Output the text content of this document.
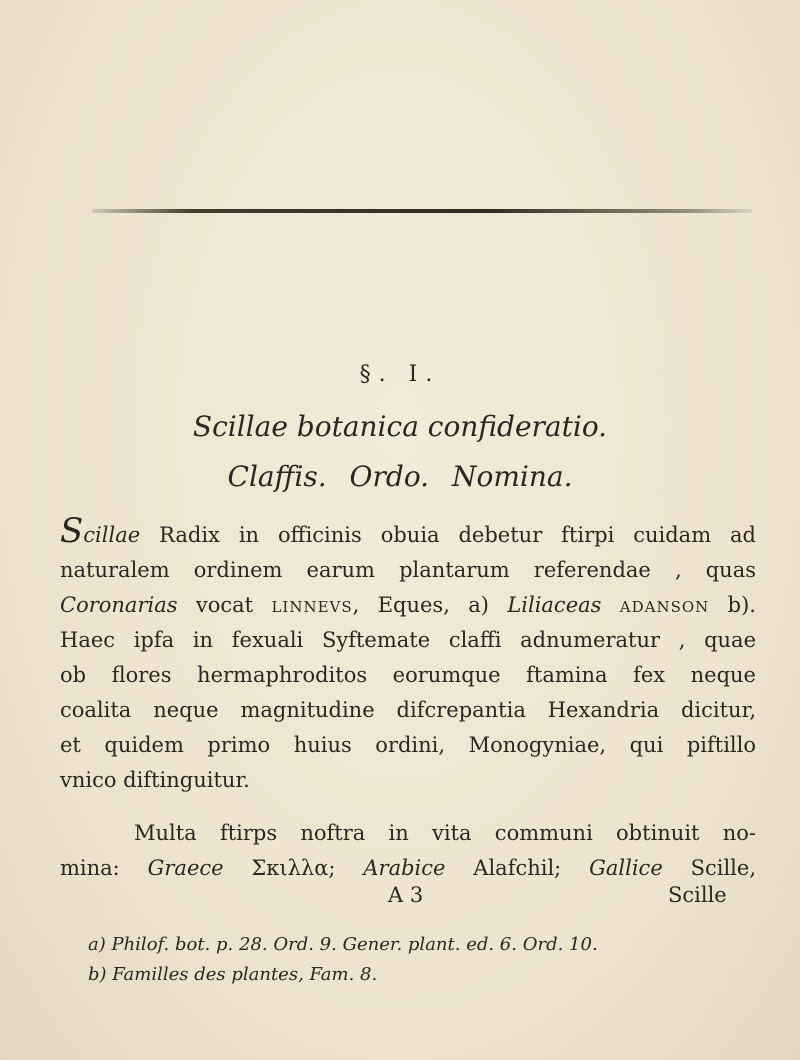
§. I.
Scillae botanica confideratio.
Claffis. Ordo. Nomina.
Scillae Radix in officinis obuia debetur ftirpi cuidam ad
naturalem ordinem earum plantarum referendae , quas
Coronarias vocat linnevs, Eques, a) Liliaceas adanson b).
Haec ipfa in fexuali Syftemate claffi adnumeratur , quae
ob flores hermaphroditos eorumque ftamina fex neque
coalita neque magnitudine difcrepantia Hexandria dicitur,
et quidem primo huius ordini, Monogyniae, qui piftillo
vnico diftinguitur.
Multa ftirps noftra in vita communi obtinuit no-
mina: Graece Σκιλλα; Arabice Alafchil; Gallice Scille,
A 3	Scille
a) Philof. bot. p. 28. Ord. 9. Gener. plant. ed. 6. Ord. 10.
b) Familles des plantes, Fam. 8.
